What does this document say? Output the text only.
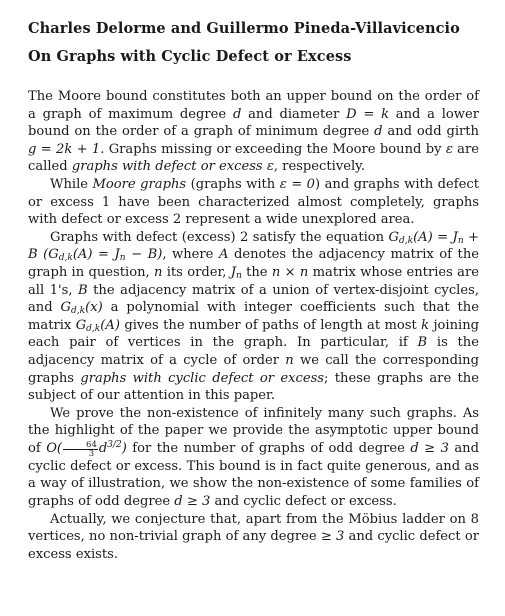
Charles Delorme and Guillermo Pineda-Villavicencio
On Graphs with Cyclic Defect or Excess

The Moore bound constitutes both an upper bound on the order of a graph of maximum degree d and diameter D = k and a lower bound on the order of a graph of minimum degree d and odd girth g = 2k + 1. Graphs missing or exceeding the Moore bound by ε are called graphs with defect or excess ε, respectively.

While Moore graphs (graphs with ε = 0) and graphs with defect or excess 1 have been characterized almost completely, graphs with defect or excess 2 represent a wide unexplored area.

Graphs with defect (excess) 2 satisfy the equation $G_{d,k}(A) = J_n + B$ $(G_{d,k}(A) = J_n - B)$, where A denotes the adjacency matrix of the graph in question, n its order, $J_n$ the n × n matrix whose entries are all 1's, B the adjacency matrix of a union of vertex-disjoint cycles, and $G_{d,k}(x)$ a polynomial with integer coefficients such that the matrix $G_{d,k}(A)$ gives the number of paths of length at most k joining each pair of vertices in the graph. In particular, if B is the adjacency matrix of a cycle of order n we call the corresponding graphs graphs with cyclic defect or excess; these graphs are the subject of our attention in this paper.

We prove the non-existence of infinitely many such graphs. As the highlight of the paper we provide the asymptotic upper bound of $O( \frac{64}{3} d^{3/2})$ for the number of graphs of odd degree d ≥ 3 and cyclic defect or excess. This bound is in fact quite generous, and as a way of illustration, we show the non-existence of some families of graphs of odd degree d ≥ 3 and cyclic defect or excess.

Actually, we conjecture that, apart from the Möbius ladder on 8 vertices, no non-trivial graph of any degree ≥ 3 and cyclic defect or excess exists.
